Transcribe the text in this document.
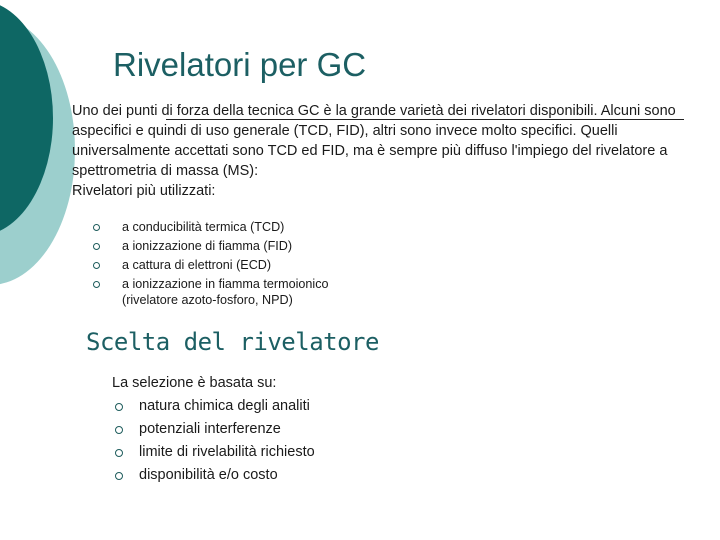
Rivelatori per GC

Uno dei punti di forza della tecnica GC è la grande varietà dei rivelatori disponibili. Alcuni sono aspecifici e quindi di uso generale (TCD, FID), altri sono invece molto specifici. Quelli universalmente accettati sono TCD ed FID, ma è sempre più diffuso l'impiego del rivelatore a spettrometria di massa (MS):

Rivelatori più utilizzati:

a conducibilità termica (TCD)
a ionizzazione di fiamma (FID)
a cattura di elettroni (ECD)
a ionizzazione in fiamma termoionico
(rivelatore azoto-fosforo, NPD)
Scelta del rivelatore

La selezione è basata su:

natura chimica degli analiti
potenziali interferenze
limite di rivelabilità richiesto
disponibilità e/o costo
